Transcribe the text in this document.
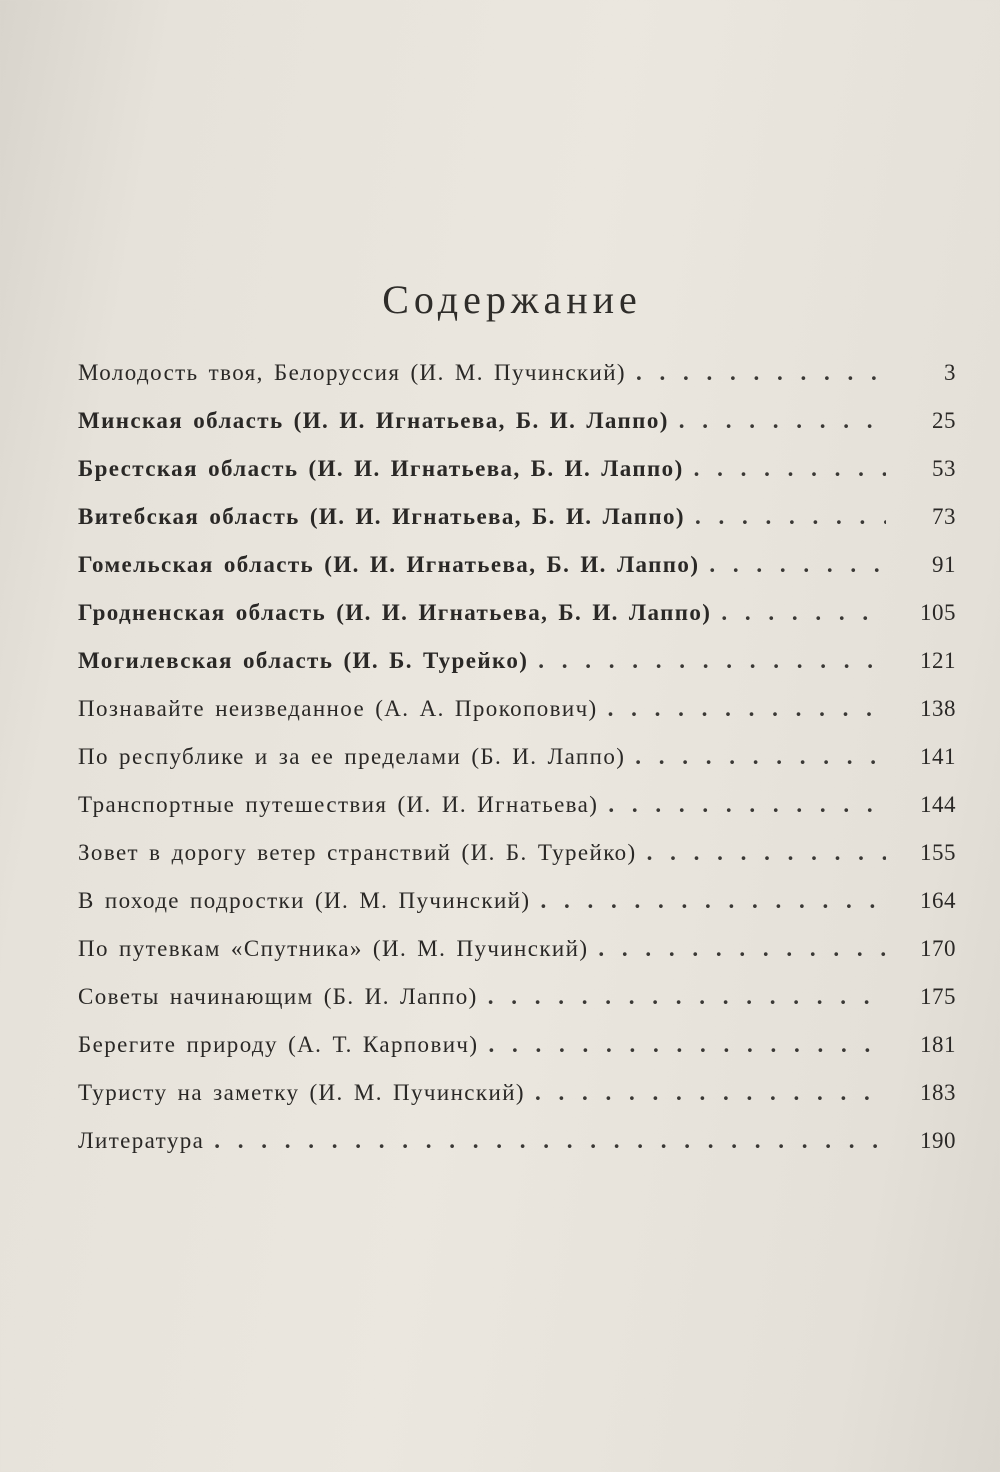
Содержание
Молодость твоя, Белоруссия (И. М. Пучинский) . . .	3
Минская область (И. И. Игнатьева, Б. И. Лаппо) . . .	25
Брестская область (И. И. Игнатьева, Б. И. Лаппо) . . .	53
Витебская область (И. И. Игнатьева, Б. И. Лаппо) . . .	73
Гомельская область (И. И. Игнатьева, Б. И. Лаппо) . . .	91
Гродненская область (И. И. Игнатьева, Б. И. Лаппо) . . .	105
Могилевская область (И. Б. Турейко) . . .	121
Познавайте неизведанное (А. А. Прокопович) . . .	138
По республике и за ее пределами (Б. И. Лаппо) . . .	141
Транспортные путешествия (И. И. Игнатьева) . . .	144
Зовет в дорогу ветер странствий (И. Б. Турейко) . . .	155
В походе подростки (И. М. Пучинский) . . .	164
По путевкам «Спутника» (И. М. Пучинский) . . .	170
Советы начинающим (Б. И. Лаппо) . . .	175
Берегите природу (А. Т. Карпович) . . .	181
Туристу на заметку (И. М. Пучинский) . . .	183
Литература . . .	190
